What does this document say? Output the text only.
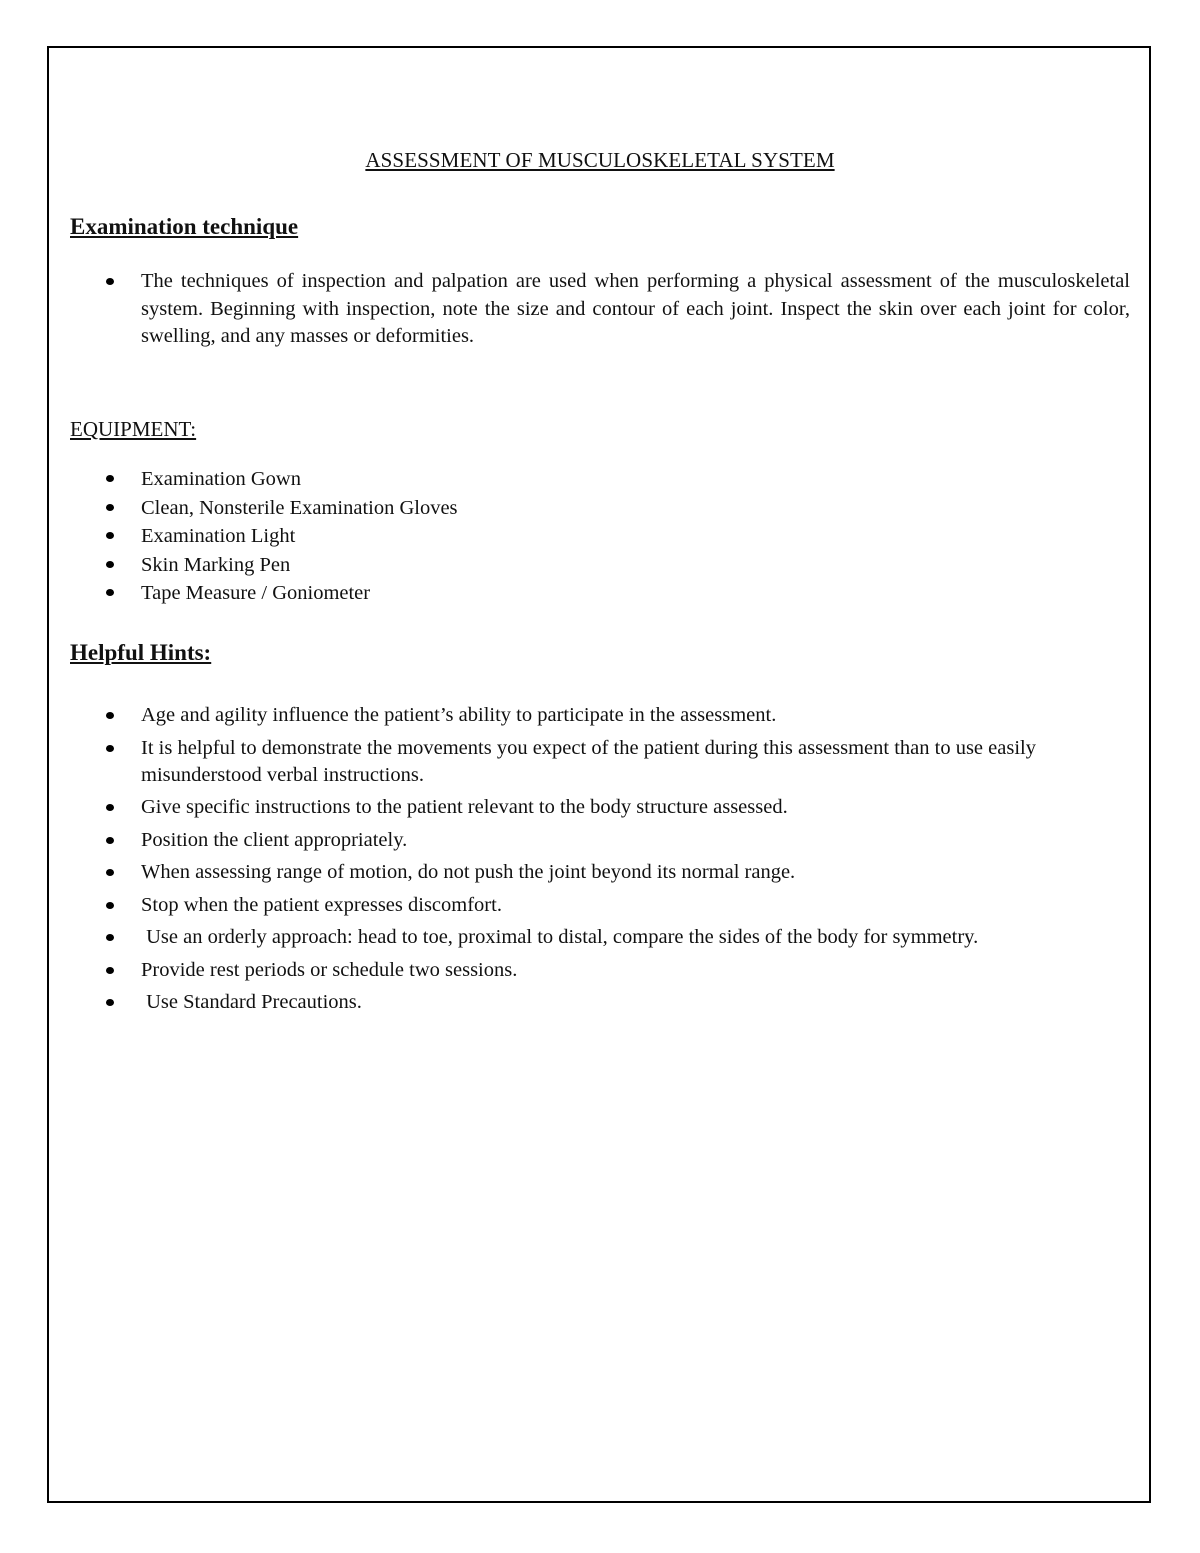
ASSESSMENT OF MUSCULOSKELETAL SYSTEM
Examination technique
The techniques of inspection and palpation are used when performing a physical assessment of the musculoskeletal system. Beginning with inspection, note the size and contour of each joint. Inspect the skin over each joint for color, swelling, and any masses or deformities.
EQUIPMENT:
Examination Gown
Clean, Nonsterile Examination Gloves
Examination Light
Skin Marking Pen
Tape Measure / Goniometer
Helpful Hints:
Age and agility influence the patient’s ability to participate in the assessment.
It is helpful to demonstrate the movements you expect of the patient during this assessment than to use easily misunderstood verbal instructions.
Give specific instructions to the patient relevant to the body structure assessed.
Position the client appropriately.
When assessing range of motion, do not push the joint beyond its normal range.
Stop when the patient expresses discomfort.
Use an orderly approach: head to toe, proximal to distal, compare the sides of the body for symmetry.
Provide rest periods or schedule two sessions.
Use Standard Precautions.
